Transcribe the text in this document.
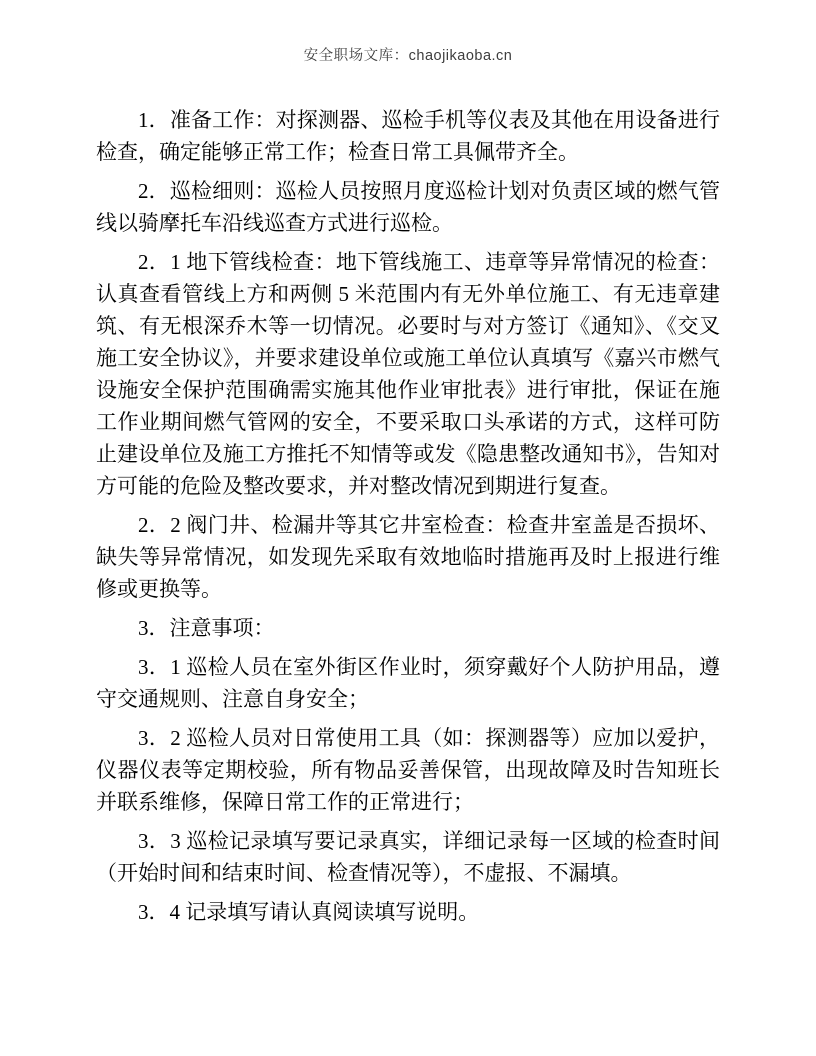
安全职场文库：chaojikaoba.cn

1．准备工作：对探测器、巡检手机等仪表及其他在用设备进行检查，确定能够正常工作；检查日常工具佩带齐全。

2．巡检细则：巡检人员按照月度巡检计划对负责区域的燃气管线以骑摩托车沿线巡查方式进行巡检。

2．1 地下管线检查：地下管线施工、违章等异常情况的检查：认真查看管线上方和两侧 5 米范围内有无外单位施工、有无违章建筑、有无根深乔木等一切情况。必要时与对方签订《通知》、《交叉施工安全协议》，并要求建设单位或施工单位认真填写《嘉兴市燃气设施安全保护范围确需实施其他作业审批表》进行审批，保证在施工作业期间燃气管网的安全，不要采取口头承诺的方式，这样可防止建设单位及施工方推托不知情等或发《隐患整改通知书》，告知对方可能的危险及整改要求，并对整改情况到期进行复查。

2．2 阀门井、检漏井等其它井室检查：检查井室盖是否损坏、缺失等异常情况，如发现先采取有效地临时措施再及时上报进行维修或更换等。

3．注意事项：

3．1 巡检人员在室外街区作业时，须穿戴好个人防护用品，遵守交通规则、注意自身安全；

3．2 巡检人员对日常使用工具（如：探测器等）应加以爱护，仪器仪表等定期校验，所有物品妥善保管，出现故障及时告知班长并联系维修，保障日常工作的正常进行；

3．3 巡检记录填写要记录真实，详细记录每一区域的检查时间（开始时间和结束时间、检查情况等），不虚报、不漏填。

3．4 记录填写请认真阅读填写说明。
